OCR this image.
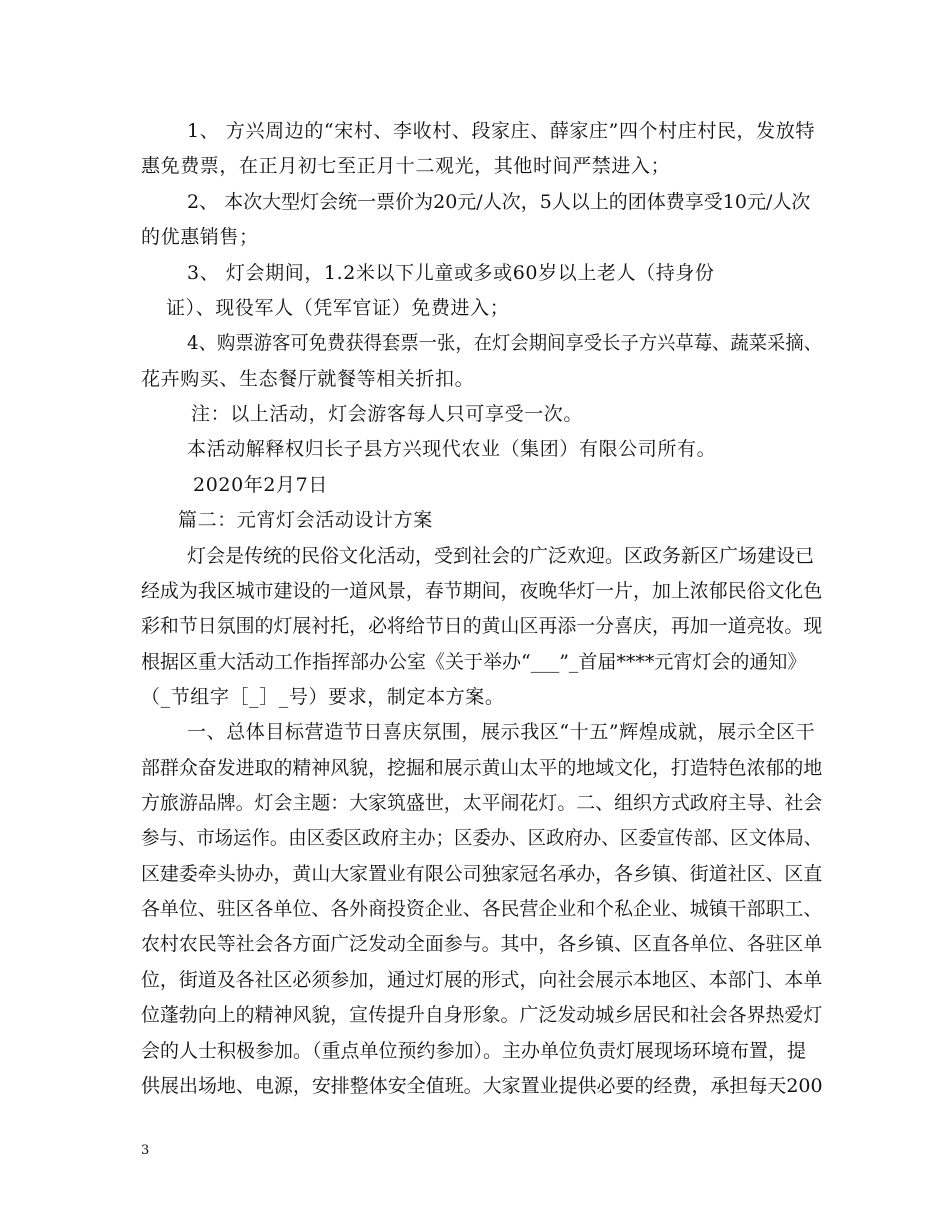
1、 方兴周边的“宋村、李收村、段家庄、薛家庄”四个村庄村民，发放特
惠免费票，在正月初七至正月十二观光，其他时间严禁进入；
2、 本次大型灯会统一票价为20元/人次，5人以上的团体费享受10元/人次
的优惠销售；
3、 灯会期间，1.2米以下儿童或多或60岁以上老人（持身份
证）、现役军人（凭军官证）免费进入；
4、购票游客可免费获得套票一张，在灯会期间享受长子方兴草莓、蔬菜采摘、
花卉购买、生态餐厅就餐等相关折扣。
注：以上活动，灯会游客每人只可享受一次。
本活动解释权归长子县方兴现代农业（集团）有限公司所有。
2020年2月7日
篇二：元宵灯会活动设计方案
灯会是传统的民俗文化活动，受到社会的广泛欢迎。区政务新区广场建设已
经成为我区城市建设的一道风景，春节期间，夜晚华灯一片，加上浓郁民俗文化色
彩和节日氛围的灯展衬托，必将给节日的黄山区再添一分喜庆，再加一道亮妆。现
根据区重大活动工作指挥部办公室《关于举办“___”_首届****元宵灯会的通知》
（_节组字［_］_号）要求，制定本方案。
一、总体目标营造节日喜庆氛围，展示我区“十五”辉煌成就，展示全区干
部群众奋发进取的精神风貌，挖掘和展示黄山太平的地域文化，打造特色浓郁的地
方旅游品牌。灯会主题：大家筑盛世，太平闹花灯。二、组织方式政府主导、社会
参与、市场运作。由区委区政府主办；区委办、区政府办、区委宣传部、区文体局、
区建委牵头协办，黄山大家置业有限公司独家冠名承办，各乡镇、街道社区、区直
各单位、驻区各单位、各外商投资企业、各民营企业和个私企业、城镇干部职工、
农村农民等社会各方面广泛发动全面参与。其中，各乡镇、区直各单位、各驻区单
位，街道及各社区必须参加，通过灯展的形式，向社会展示本地区、本部门、本单
位蓬勃向上的精神风貌，宣传提升自身形象。广泛发动城乡居民和社会各界热爱灯
会的人士积极参加。（重点单位预约参加）。主办单位负责灯展现场环境布置，提
供展出场地、电源，安排整体安全值班。大家置业提供必要的经费，承担每天200
3
